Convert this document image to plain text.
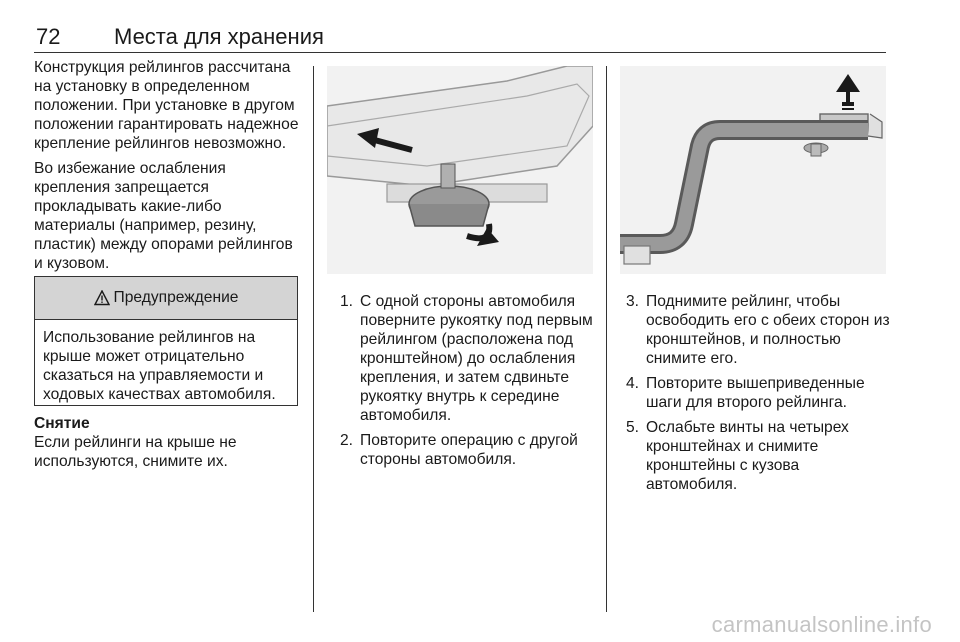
72 Места для хранения

Конструкция рейлингов рассчитана на установку в определенном положении. При установке в другом положении гарантировать надежное крепление рейлингов невозможно.

Во избежание ослабления крепления запрещается прокладывать какие-либо материалы (например, резину, пластик) между опорами рейлингов и кузовом.

Предупреждение
Использование рейлингов на крыше может отрицательно сказаться на управляемости и ходовых качествах автомобиля.
Снятие

Если рейлинги на крыше не используются, снимите их.

1. С одной стороны автомобиля поверните рукоятку под первым рейлингом (расположена под кронштейном) до ослабления крепления, и затем сдвиньте рукоятку внутрь к середине автомобиля.
2. Повторите операцию с другой стороны автомобиля.
3. Поднимите рейлинг, чтобы освободить его с обеих сторон из кронштейнов, и полностью снимите его.
4. Повторите вышеприведенные шаги для второго рейлинга.
5. Ослабьте винты на четырех кронштейнах и снимите кронштейны с кузова автомобиля.
carmanualsonline.info
